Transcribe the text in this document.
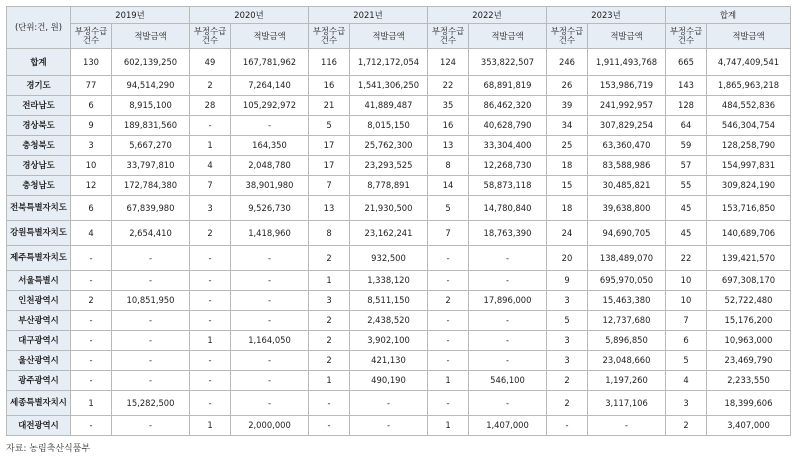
(단위:건, 원)	2019년		2020년		2021년		2022년		2023년		합계	
	부정수급 건수	적발금액	부정수급 건수	적발금액	부정수급 건수	적발금액	부정수급 건수	적발금액	부정수급 건수	적발금액	부정수급 건수	적발금액
합계	130	602,139,250	49	167,781,962	116	1,712,172,054	124	353,822,507	246	1,911,493,768	665	4,747,409,541
경기도	77	94,514,290	2	7,264,140	16	1,541,306,250	22	68,891,819	26	153,986,719	143	1,865,963,218
전라남도	6	8,915,100	28	105,292,972	21	41,889,487	35	86,462,320	39	241,992,957	128	484,552,836
경상북도	9	189,831,560	-	-	5	8,015,150	16	40,628,790	34	307,829,254	64	546,304,754
충청북도	3	5,667,270	1	164,350	17	25,762,300	13	33,304,400	25	63,360,470	59	128,258,790
경상남도	10	33,797,810	4	2,048,780	17	23,293,525	8	12,268,730	18	83,588,986	57	154,997,831
충청남도	12	172,784,380	7	38,901,980	7	8,778,891	14	58,873,118	15	30,485,821	55	309,824,190
전북특별자치도	6	67,839,980	3	9,526,730	13	21,930,500	5	14,780,840	18	39,638,800	45	153,716,850
강원특별자치도	4	2,654,410	2	1,418,960	8	23,162,241	7	18,763,390	24	94,690,705	45	140,689,706
제주특별자치도	-	-	-	-	2	932,500	-	-	20	138,489,070	22	139,421,570
서울특별시	-	-	-	-	1	1,338,120	-	-	9	695,970,050	10	697,308,170
인천광역시	2	10,851,950	-	-	3	8,511,150	2	17,896,000	3	15,463,380	10	52,722,480
부산광역시	-	-	-	-	2	2,438,520	-	-	5	12,737,680	7	15,176,200
대구광역시	-	-	1	1,164,050	2	3,902,100	-	-	3	5,896,850	6	10,963,000
울산광역시	-	-	-	-	2	421,130	-	-	3	23,048,660	5	23,469,790
광주광역시	-	-	-	-	1	490,190	1	546,100	2	1,197,260	4	2,233,550
세종특별자치시	1	15,282,500	-	-	-	-	-	-	2	3,117,106	3	18,399,606
대전광역시	-	-	1	2,000,000	-	-	1	1,407,000	-	-	2	3,407,000
자료: 농림축산식품부
